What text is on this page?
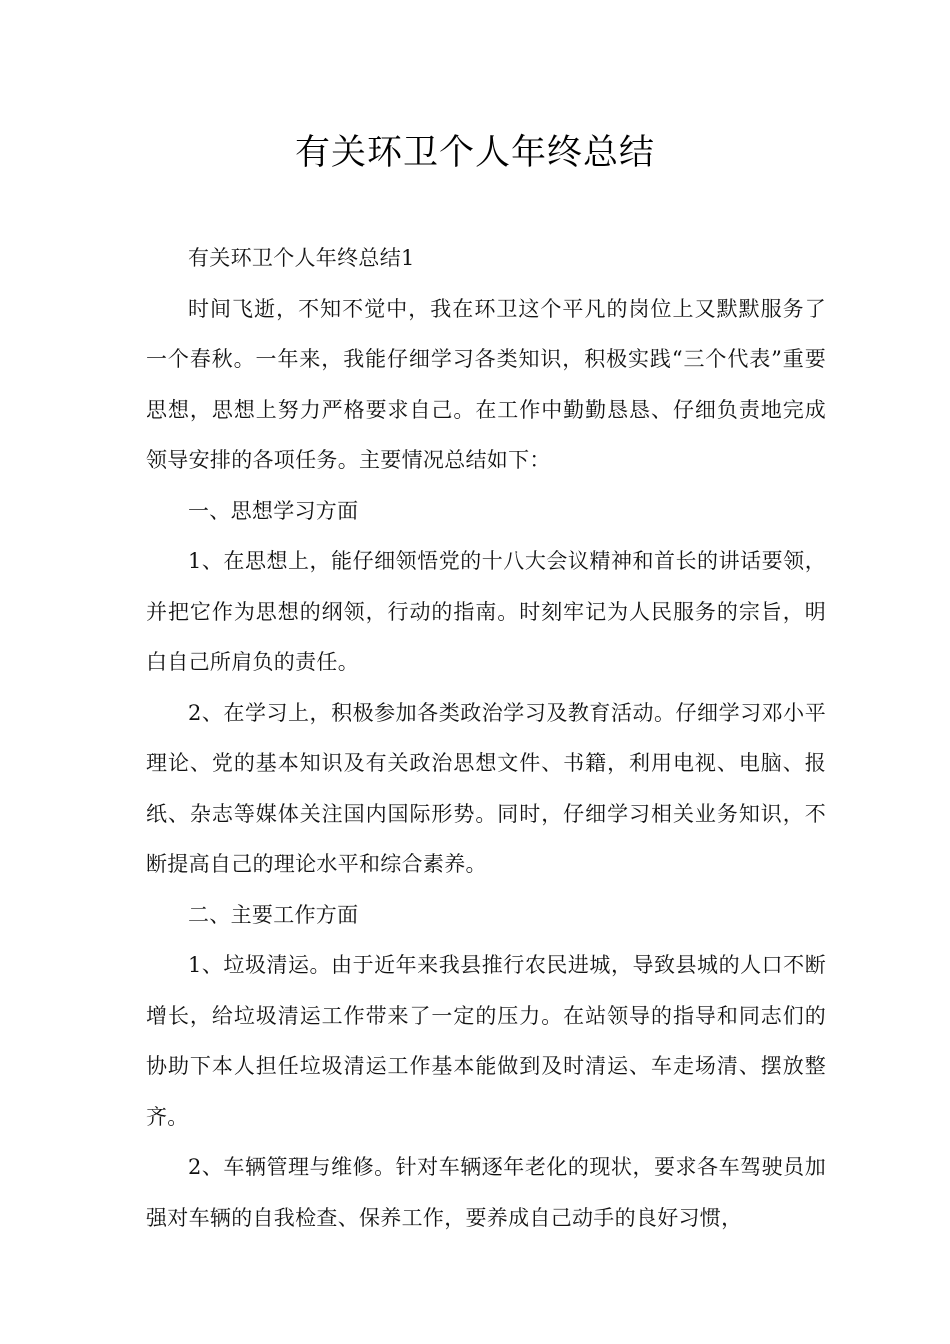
有关环卫个人年终总结

有关环卫个人年终总结1

时间飞逝，不知不觉中，我在环卫这个平凡的岗位上又默默服务了一个春秋。一年来，我能仔细学习各类知识，积极实践“三个代表”重要思想，思想上努力严格要求自己。在工作中勤勤恳恳、仔细负责地完成领导安排的各项任务。主要情况总结如下：

一、思想学习方面

1、在思想上，能仔细领悟党的十八大会议精神和首长的讲话要领，并把它作为思想的纲领，行动的指南。时刻牢记为人民服务的宗旨，明白自己所肩负的责任。

2、在学习上，积极参加各类政治学习及教育活动。仔细学习邓小平理论、党的基本知识及有关政治思想文件、书籍，利用电视、电脑、报纸、杂志等媒体关注国内国际形势。同时，仔细学习相关业务知识，不断提高自己的理论水平和综合素养。

二、主要工作方面

1、垃圾清运。由于近年来我县推行农民进城，导致县城的人口不断增长，给垃圾清运工作带来了一定的压力。在站领导的指导和同志们的协助下本人担任垃圾清运工作基本能做到及时清运、车走场清、摆放整齐。

2、车辆管理与维修。针对车辆逐年老化的现状，要求各车驾驶员加强对车辆的自我检查、保养工作，要养成自己动手的良好习惯，
